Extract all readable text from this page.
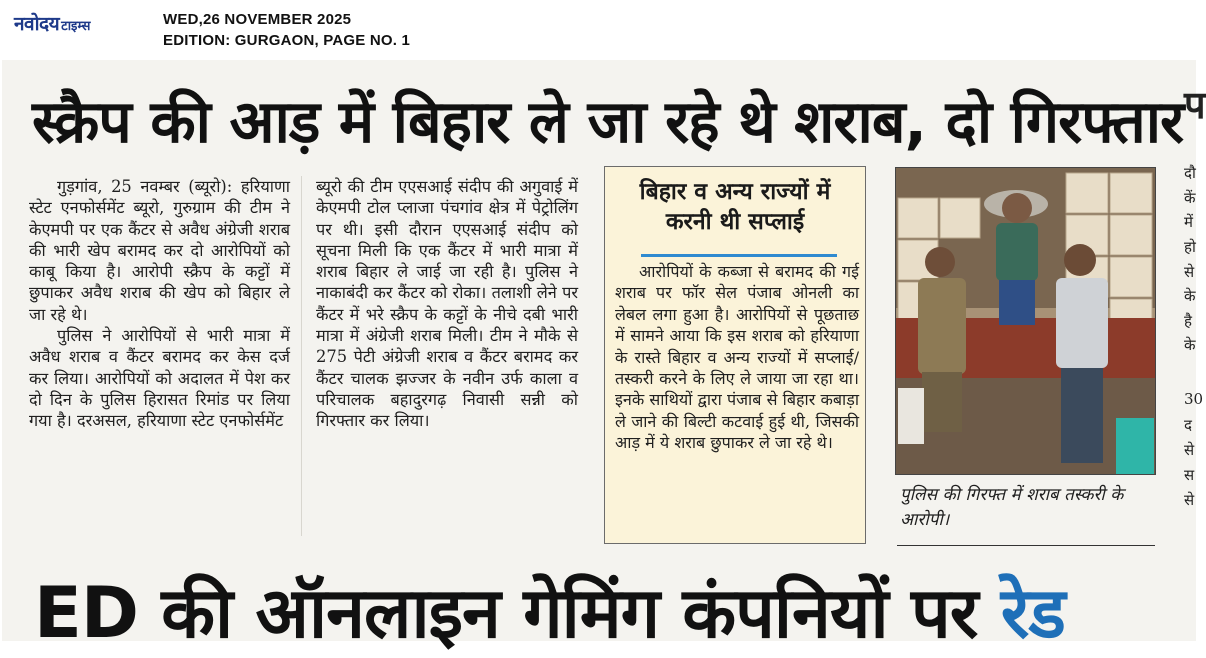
नवोदय टाइम्स	WED,26 NOVEMBER 2025
EDITION: GURGAON, PAGE NO. 1
स्क्रैप की आड़ में बिहार ले जा रहे थे शराब, दो गिरफ्तार

गुड़गांव, 25 नवम्बर (ब्यूरो): हरियाणा स्टेट एनफोर्समेंट ब्यूरो, गुरुग्राम की टीम ने केएमपी पर एक कैंटर से अवैध अंग्रेजी शराब की भारी खेप बरामद कर दो आरोपियों को काबू किया है। आरोपी स्क्रैप के कट्टों में छुपाकर अवैध शराब की खेप को बिहार ले जा रहे थे।

पुलिस ने आरोपियों से भारी मात्रा में अवैध शराब व कैंटर बरामद कर केस दर्ज कर लिया। आरोपियों को अदालत में पेश कर दो दिन के पुलिस हिरासत रिमांड पर लिया गया है। दरअसल, हरियाणा स्टेट एनफोर्समेंट

ब्यूरो की टीम एएसआई संदीप की अगुवाई में केएमपी टोल प्लाजा पंचगांव क्षेत्र में पेट्रोलिंग पर थी। इसी दौरान एएसआई संदीप को सूचना मिली कि एक कैंटर में भारी मात्रा में शराब बिहार ले जाई जा रही है। पुलिस ने नाकाबंदी कर कैंटर को रोका। तलाशी लेने पर कैंटर में भरे स्क्रैप के कट्टों के नीचे दबी भारी मात्रा में अंग्रेजी शराब मिली। टीम ने मौके से 275 पेटी अंग्रेजी शराब व कैंटर बरामद कर कैंटर चालक झज्जर के नवीन उर्फ काला व परिचालक बहादुरगढ़ निवासी सन्नी को गिरफ्तार कर लिया।

बिहार व अन्य राज्यों में
करनी थी सप्लाई

आरोपियों के कब्जा से बरामद की गई शराब पर फॉर सेल पंजाब ओनली का लेबल लगा हुआ है। आरोपियों से पूछताछ में सामने आया कि इस शराब को हरियाणा के रास्ते बिहार व अन्य राज्यों में सप्लाई/तस्करी करने के लिए ले जाया जा रहा था।इनके साथियों द्वारा पंजाब से बिहार कबाड़ा ले जाने की बिल्टी कटवाई हुई थी, जिसकी आड़ में ये शराब छुपाकर ले जा रहे थे।

पुलिस की गिरफ्त में शराब तस्करी के आरोपी।
ED की ऑनलाइन गेमिंग कंपनियों पर रेड
प
दौ
कें
में
हो
से
के
है
के
30
द
से
स
से
